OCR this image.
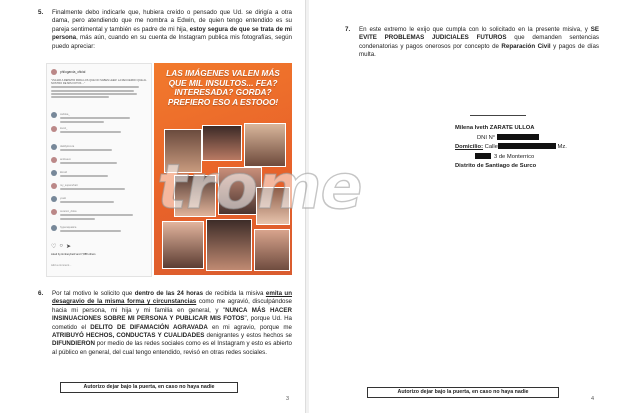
5. Finalmente debo indicarle que, hubiera creído o pensado que Ud. se dirigía a otra dama, pero atendiendo que me nombra a Edwin, de quien tengo entendido es su pareja sentimental y también es padre de mi hija, estoy segura de que se trata de mi persona, más aún, cuando en su cuenta de Instagram publica mis fotografías, según puedo apreciar:
philogarcia_oficial
"VIAJAR A REPETIR PARA LOS QUE NO SABEN LEER: LA RECUERDO QUE AL NOSTRO DE MIS FOTOS ..."
carloka_
loveit_
daddylocura
andreavo
kkreid
my_superwhatt
yuuki
ceramic_dolce
hyperaquatica
♡ ○ ➤
Liked by kimberybetif and 7,888 others
Add a comment...
LAS IMÁGENES VALEN MÁS QUE MIL INSULTOS... FEA? INTERESADA? GORDA? PREFIERO ESO A ESTOOO!
6. Por tal motivo le solicito que dentro de las 24 horas de recibida la misiva emita un desagravio de la misma forma y circunstancias como me agravió, disculpándose hacia mi persona, mi hija y mi familia en general, y "NUNCA MÁS HACER INSINUACIONES SOBRE MI PERSONA Y PUBLICAR MIS FOTOS", porque Ud. Ha cometido el DELITO DE DIFAMACIÓN AGRAVADA en mi agravio, porque me ATRIBUYÓ HECHOS, CONDUCTAS Y CUALIDADES denigrantes y estos hechos se DIFUNDIERON por medio de las redes sociales como es el Instagram y esto es abierto al público en general, del cual tengo entendido, revisó en otras redes sociales.
Autorizo dejar bajo la puerta, en caso no haya nadie
3
7. En este extremo le exijo que cumpla con lo solicitado en la presente misiva, y SE EVITE PROBLEMAS JUDICIALES FUTUROS que demanden sentencias condenatorias y pagos onerosos por concepto de Reparación Civil y pagos de días multa.
4
Autorizo dejar bajo la puerta, en caso no haya nadie
Milena Iveth ZARATE ULLOA
DNI N°
Domicilio: Calle	Mz.
3 de Monterrico
Distrito de Santiago de Surco
trome
